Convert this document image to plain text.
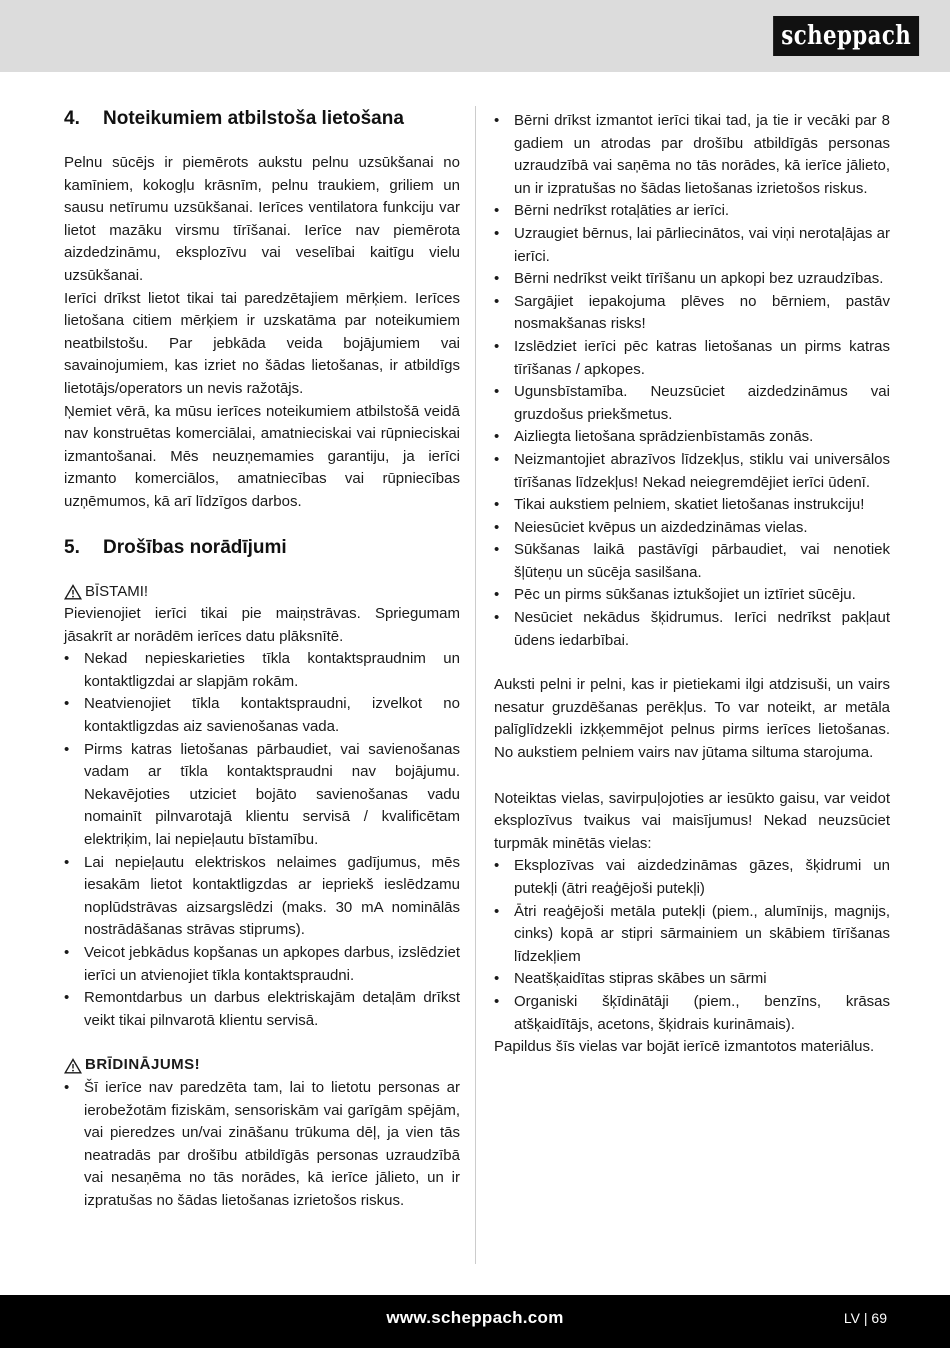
scheppach
4.	Noteikumiem atbilstoša lietošana

Pelnu sūcējs ir piemērots aukstu pelnu uzsūkšanai no kamīniem, kokogļu krāsnīm, pelnu traukiem, griliem un sausu netīrumu uzsūkšanai. Ierīces ventilatora funkciju var lietot mazāku virsmu tīrīšanai. Ierīce nav piemērota aizdedzināmu, eksplozīvu vai veselībai kaitīgu vielu uzsūkšanai.

Ierīci drīkst lietot tikai tai paredzētajiem mērķiem. Ierīces lietošana citiem mērķiem ir uzskatāma par noteikumiem neatbilstošu. Par jebkāda veida bojājumiem vai savainojumiem, kas izriet no šādas lietošanas, ir atbildīgs lietotājs/operators un nevis ražotājs.

Ņemiet vērā, ka mūsu ierīces noteikumiem atbilstošā veidā nav konstruētas komerciālai, amatnieciskai vai rūpnieciskai izmantošanai. Mēs neuzņemamies garantiju, ja ierīci izmanto komerciālos, amatniecības vai rūpniecības uzņēmumos, kā arī līdzīgos darbos.

5.	Drošības norādījumi
BĪSTAMI!

Pievienojiet ierīci tikai pie maiņstrāvas. Spriegumam jāsakrīt ar norādēm ierīces datu plāksnītē.

• Nekad nepieskarieties tīkla kontaktspraudnim un kontaktligzdai ar slapjām rokām.
• Neatvienojiet tīkla kontaktspraudni, izvelkot no kontaktligzdas aiz savienošanas vada.
• Pirms katras lietošanas pārbaudiet, vai savienošanas vadam ar tīkla kontaktspraudni nav bojājumu. Nekavējoties utziciet bojāto savienošanas vadu nomainīt pilnvarotajā klientu servisā / kvalificētam elektriķim, lai nepieļautu bīstamību.
• Lai nepieļautu elektriskos nelaimes gadījumus, mēs iesakām lietot kontaktligzdas ar iepriekš ieslēdzamu noplūdstrāvas aizsargslēdzi (maks. 30 mA nominālās nostrādāšanas strāvas stiprums).
• Veicot jebkādus kopšanas un apkopes darbus, izslēdziet ierīci un atvienojiet tīkla kontaktspraudni.
• Remontdarbus un darbus elektriskajām detaļām drīkst veikt tikai pilnvarotā klientu servisā.
BRĪDINĀJUMS!
• Šī ierīce nav paredzēta tam, lai to lietotu personas ar ierobežotām fiziskām, sensoriskām vai garīgām spējām, vai pieredzes un/vai zināšanu trūkuma dēļ, ja vien tās neatradās par drošību atbildīgās personas uzraudzībā vai nesaņēma no tās norādes, kā ierīce jālieto, un ir izpratušas no šādas lietošanas izrietošos riskus.
• Bērni drīkst izmantot ierīci tikai tad, ja tie ir vecāki par 8 gadiem un atrodas par drošību atbildīgās personas uzraudzībā vai saņēma no tās norādes, kā ierīce jālieto, un ir izpratušas no šādas lietošanas izrietošos riskus.
• Bērni nedrīkst rotaļāties ar ierīci.
• Uzraugiet bērnus, lai pārliecinātos, vai viņi nerotaļājas ar ierīci.
• Bērni nedrīkst veikt tīrīšanu un apkopi bez uzraudzības.
• Sargājiet iepakojuma plēves no bērniem, pastāv nosmakšanas risks!
• Izslēdziet ierīci pēc katras lietošanas un pirms katras tīrīšanas / apkopes.
• Ugunsbīstamība. Neuzsūciet aizdedzināmus vai gruzdošus priekšmetus.
• Aizliegta lietošana sprādzienbīstamās zonās.
• Neizmantojiet abrazīvos līdzekļus, stiklu vai universālos tīrīšanas līdzekļus! Nekad neiegremdējiet ierīci ūdenī.
• Tikai aukstiem pelniem, skatiet lietošanas instrukciju!
• Neiesūciet kvēpus un aizdedzināmas vielas.
• Sūkšanas laikā pastāvīgi pārbaudiet, vai nenotiek šļūteņu un sūcēja sasilšana.
• Pēc un pirms sūkšanas iztukšojiet un iztīriet sūcēju.
• Nesūciet nekādus šķidrumus. Ierīci nedrīkst pakļaut ūdens iedarbībai.

Auksti pelni ir pelni, kas ir pietiekami ilgi atdzisuši, un vairs nesatur gruzdēšanas perēkļus. To var noteikt, ar metāla palīglīdzekli izkķemmējot pelnus pirms ierīces lietošanas. No aukstiem pelniem vairs nav jūtama siltuma starojuma.

Noteiktas vielas, savirpuļojoties ar iesūkto gaisu, var veidot eksplozīvus tvaikus vai maisījumus! Nekad neuzsūciet turpmāk minētās vielas:

• Eksplozīvas vai aizdedzināmas gāzes, šķidrumi un putekļi (ātri reaģējoši putekļi)
• Ātri reaģējoši metāla putekļi (piem., alumīnijs, magnijs, cinks) kopā ar stipri sārmainiem un skābiem tīrīšanas līdzekļiem
• Neatšķaidītas stipras skābes un sārmi
• Organiski šķīdinātāji (piem., benzīns, krāsas atšķaidītājs, acetons, šķidrais kurināmais).

Papildus šīs vielas var bojāt ierīcē izmantotos materiālus.

www.scheppach.com	LV | 69
